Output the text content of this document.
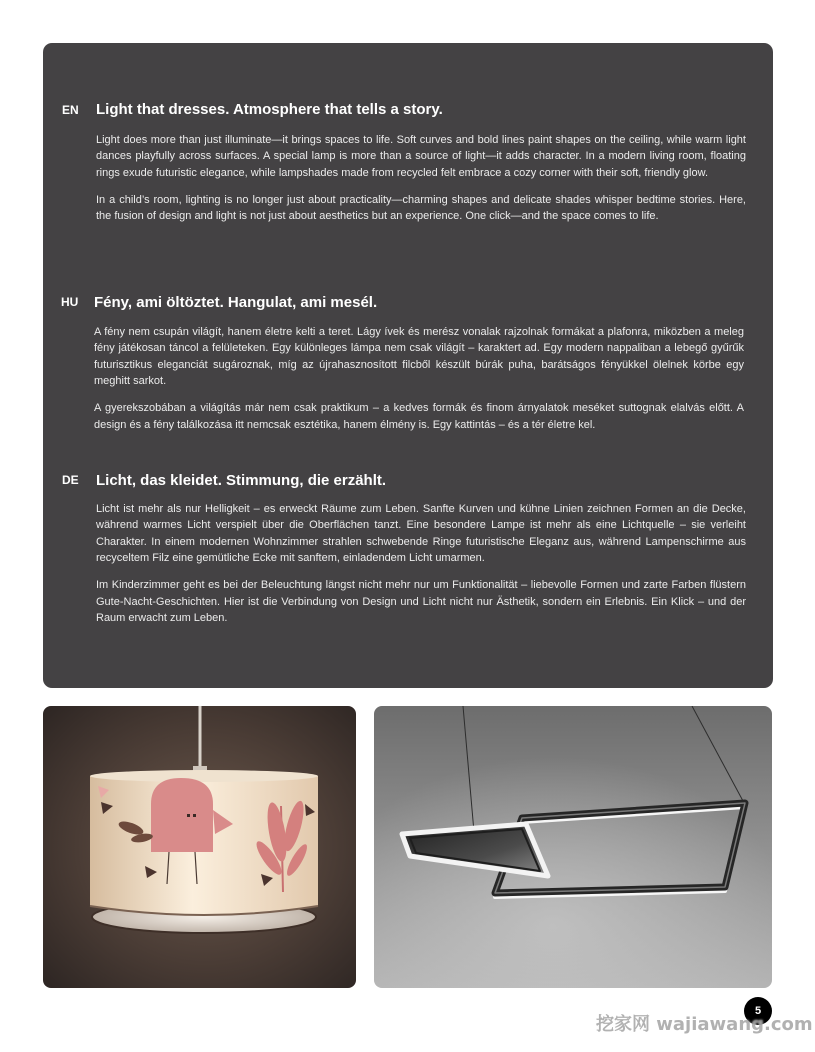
EN Light that dresses. Atmosphere that tells a story.

Light does more than just illuminate—it brings spaces to life. Soft curves and bold lines paint shapes on the ceiling, while warm light dances playfully across surfaces. A special lamp is more than a source of light—it adds character. In a modern living room, floating rings exude futuristic elegance, while lampshades made from recycled felt embrace a cozy corner with their soft, friendly glow.

In a child’s room, lighting is no longer just about practicality—charming shapes and delicate shades whisper bedtime stories. Here, the fusion of design and light is not just about aesthetics but an experience. One click—and the space comes to life.

HU Fény, ami öltöztet. Hangulat, ami mesél.

A fény nem csupán világít, hanem életre kelti a teret. Lágy ívek és merész vonalak rajzolnak formákat a plafonra, miközben a meleg fény játékosan táncol a felületeken. Egy különleges lámpa nem csak világít – karaktert ad. Egy modern nappaliban a lebegő gyűrűk futurisztikus eleganciát sugároznak, míg az újrahasznosított filcből készült búrák puha, barátságos fényükkel ölelnek körbe egy meghitt sarkot.

A gyerekszobában a világítás már nem csak praktikum – a kedves formák és finom árnyalatok meséket suttognak elalvás előtt. A design és a fény találkozása itt nemcsak esztétika, hanem élmény is. Egy kattintás – és a tér életre kel.

DE Licht, das kleidet. Stimmung, die erzählt.

Licht ist mehr als nur Helligkeit – es erweckt Räume zum Leben. Sanfte Kurven und kühne Linien zeichnen Formen an die Decke, während warmes Licht verspielt über die Oberflächen tanzt. Eine besondere Lampe ist mehr als eine Lichtquelle – sie verleiht Charakter. In einem modernen Wohnzimmer strahlen schwebende Ringe futuristische Eleganz aus, während Lampenschirme aus recyceltem Filz eine gemütliche Ecke mit sanftem, einladendem Licht umarmen.

Im Kinderzimmer geht es bei der Beleuchtung längst nicht mehr nur um Funktionalität – liebevolle Formen und zarte Farben flüstern Gute-Nacht-Geschichten. Hier ist die Verbindung von Design und Licht nicht nur Ästhetik, sondern ein Erlebnis. Ein Klick – und der Raum erwacht zum Leben.

5
挖家网 wajiawang.com
